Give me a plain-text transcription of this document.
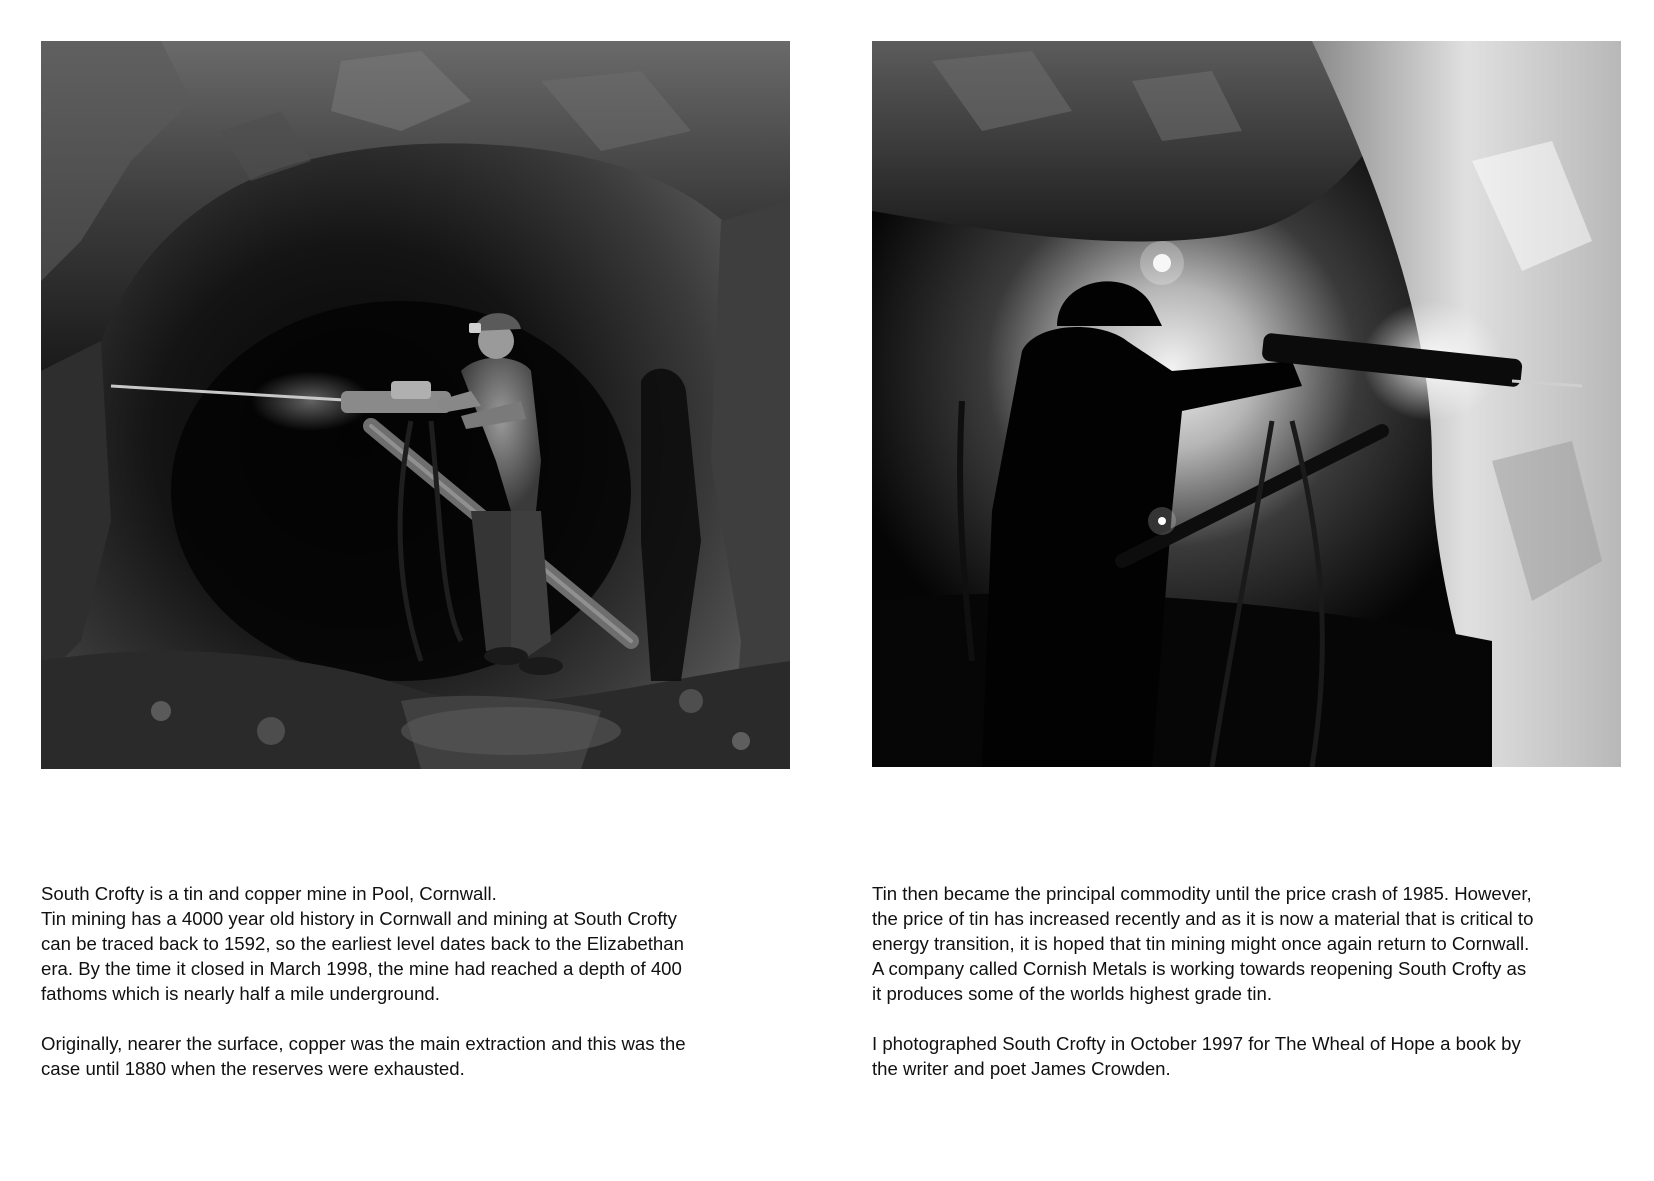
South Crofty is a tin and copper mine in Pool, Cornwall.
Tin mining has a 4000 year old history in Cornwall and mining at South Crofty
can be traced back to 1592, so the earliest level dates back to the Elizabethan
era. By the time it closed in March 1998, the mine had reached a depth of 400
fathoms which is nearly half a mile underground.

Originally, nearer the surface, copper was the main extraction and this was the
case until 1880 when the reserves were exhausted.

Tin then became the principal commodity until the price crash of 1985. However,
the price of tin has increased recently and as it is now a material that is critical to
energy transition, it is hoped that tin mining might once again return to Cornwall.
A company called Cornish Metals is working towards reopening South Crofty as
it produces some of the worlds highest grade tin.

I photographed South Crofty in October 1997 for The Wheal of Hope a book by
the writer and poet James Crowden.
